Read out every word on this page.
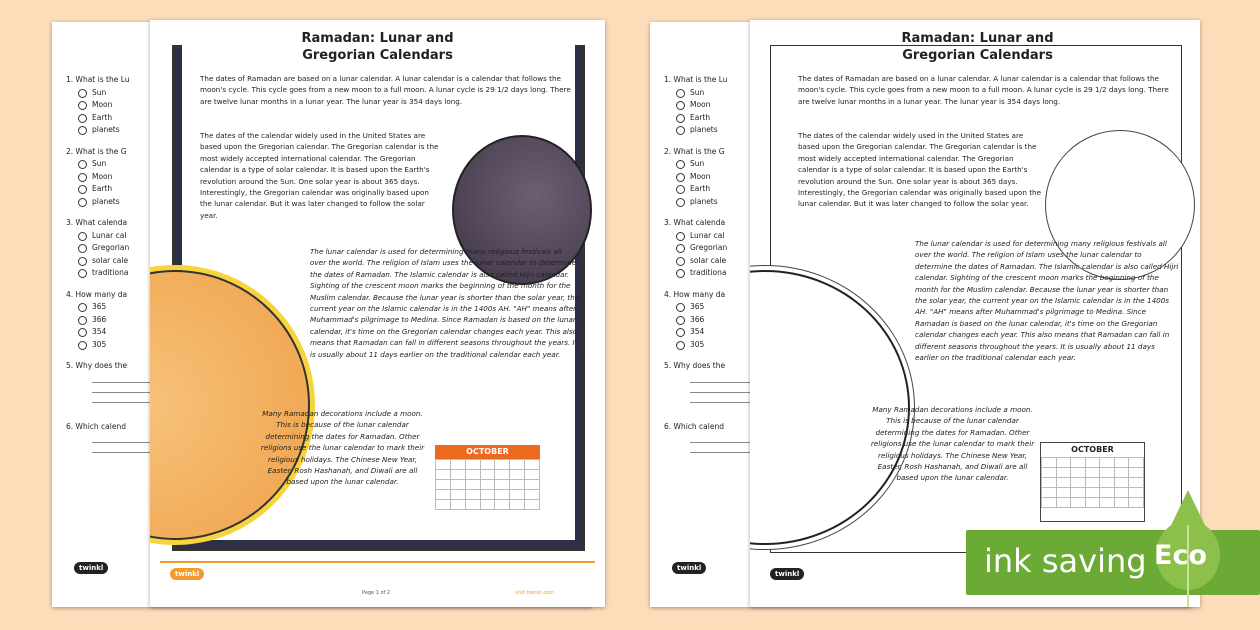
1. What is the Lu
Sun
Moon
Earth
planets
2. What is the G
Sun
Moon
Earth
planets
3. What calenda
Lunar cal
Gregorian
solar cale
traditiona
4. How many da
365
366
354
305
5. Why does the
6. Which calend
twinkl
Ramadan: Lunar and
Gregorian Calendars
The dates of Ramadan are based on a lunar calendar. A lunar calendar is a calendar that follows the moon's cycle. This cycle goes from a new moon to a full moon. A lunar cycle is 29 1/2 days long. There are twelve lunar months in a lunar year. The lunar year is 354 days long.
The dates of the calendar widely used in the United States are based upon the Gregorian calendar. The Gregorian calendar is the most widely accepted international calendar. The Gregorian calendar is a type of solar calendar. It is based upon the Earth's revolution around the Sun. One solar year is about 365 days. Interestingly, the Gregorian calendar was originally based upon the lunar calendar. But it was later changed to follow the solar year.
The lunar calendar is used for determining many religious festivals all over the world. The religion of Islam uses the lunar calendar to determine the dates of Ramadan. The Islamic calendar is also called Hijri calendar. Sighting of the crescent moon marks the beginning of the month for the Muslim calendar. Because the lunar year is shorter than the solar year, the current year on the Islamic calendar is in the 1400s AH. "AH" means after Muhammad's pilgrimage to Medina. Since Ramadan is based on the lunar calendar, it's time on the Gregorian calendar changes each year. This also means that Ramadan can fall in different seasons throughout the years. It is usually about 11 days earlier on the traditional calendar each year.
Many Ramadan decorations include a moon. This is because of the lunar calendar determining the dates for Ramadan. Other religions use the lunar calendar to mark their religious holidays. The Chinese New Year, Easter, Rosh Hashanah, and Diwali are all based upon the lunar calendar.
OCTOBER
twinkl
Page 1 of 2	visit twinkl.com
1. What is the Lu
Sun
Moon
Earth
planets
2. What is the G
Sun
Moon
Earth
planets
3. What calenda
Lunar cal
Gregorian
solar cale
traditiona
4. How many da
365
366
354
305
5. Why does the
6. Which calend
twinkl
Ramadan: Lunar and
Gregorian Calendars
The dates of Ramadan are based on a lunar calendar. A lunar calendar is a calendar that follows the moon's cycle. This cycle goes from a new moon to a full moon. A lunar cycle is 29 1/2 days long. There are twelve lunar months in a lunar year. The lunar year is 354 days long.
The dates of the calendar widely used in the United States are based upon the Gregorian calendar. The Gregorian calendar is the most widely accepted international calendar. The Gregorian calendar is a type of solar calendar. It is based upon the Earth's revolution around the Sun. One solar year is about 365 days. Interestingly, the Gregorian calendar was originally based upon the lunar calendar. But it was later changed to follow the solar year.
The lunar calendar is used for determining many religious festivals all over the world. The religion of Islam uses the lunar calendar to determine the dates of Ramadan. The Islamic calendar is also called Hijri calendar. Sighting of the crescent moon marks the beginning of the month for the Muslim calendar. Because the lunar year is shorter than the solar year, the current year on the Islamic calendar is in the 1400s AH. "AH" means after Muhammad's pilgrimage to Medina. Since Ramadan is based on the lunar calendar, it's time on the Gregorian calendar changes each year. This also means that Ramadan can fall in different seasons throughout the years. It is usually about 11 days earlier on the traditional calendar each year.
Many Ramadan decorations include a moon. This is because of the lunar calendar determining the dates for Ramadan. Other religions use the lunar calendar to mark their religious holidays. The Chinese New Year, Easter, Rosh Hashanah, and Diwali are all based upon the lunar calendar.
OCTOBER
twinkl	ink saving Eco
